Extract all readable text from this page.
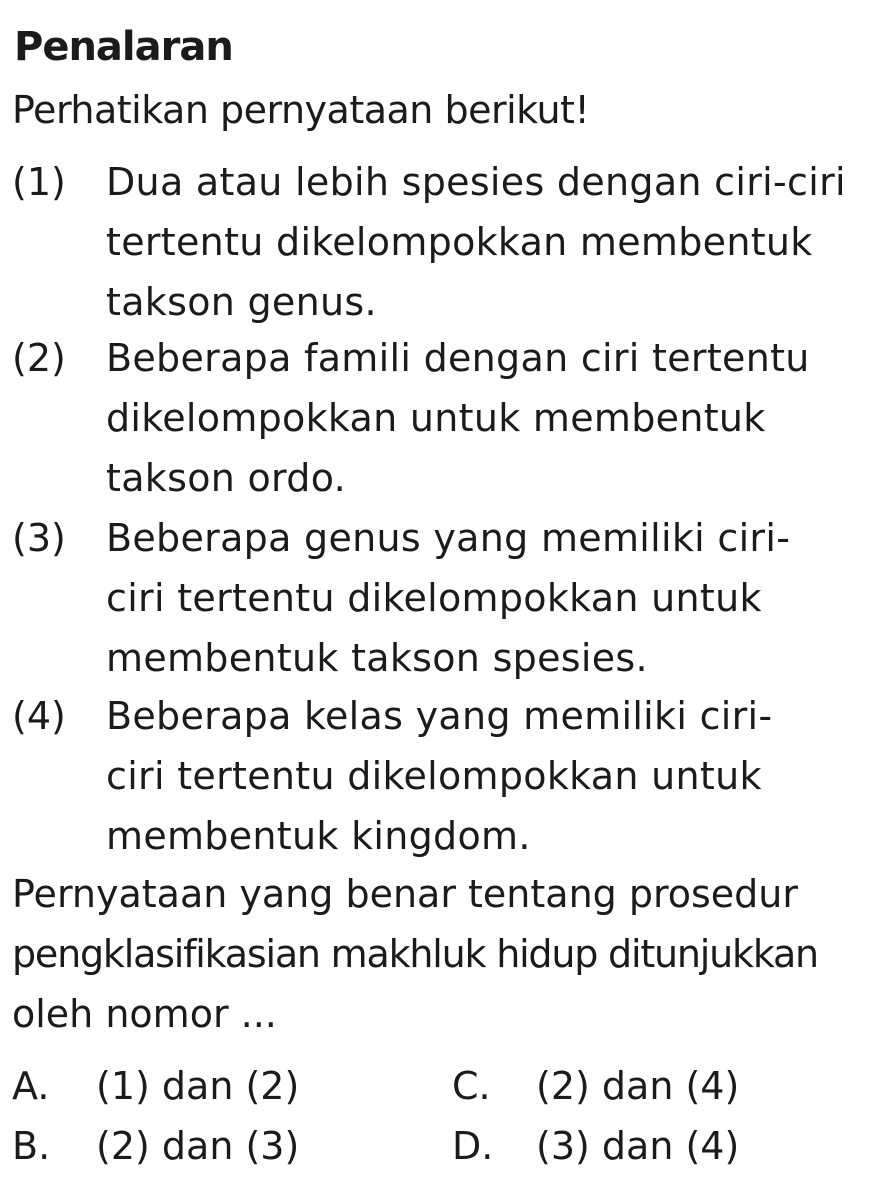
Penalaran
Perhatikan pernyataan berikut!
(1) Dua atau lebih spesies dengan ciri-ciri
tertentu dikelompokkan membentuk
takson genus.
(2) Beberapa famili dengan ciri tertentu
dikelompokkan untuk membentuk
takson ordo.
(3) Beberapa genus yang memiliki ciri-
ciri tertentu dikelompokkan untuk
membentuk takson spesies.
(4) Beberapa kelas yang memiliki ciri-
ciri tertentu dikelompokkan untuk
membentuk kingdom.
Pernyataan yang benar tentang prosedur
pengklasifikasian makhluk hidup ditunjukkan
oleh nomor ...
A. (1) dan (2)
B. (2) dan (3)
C. (2) dan (4)
D. (3) dan (4)
